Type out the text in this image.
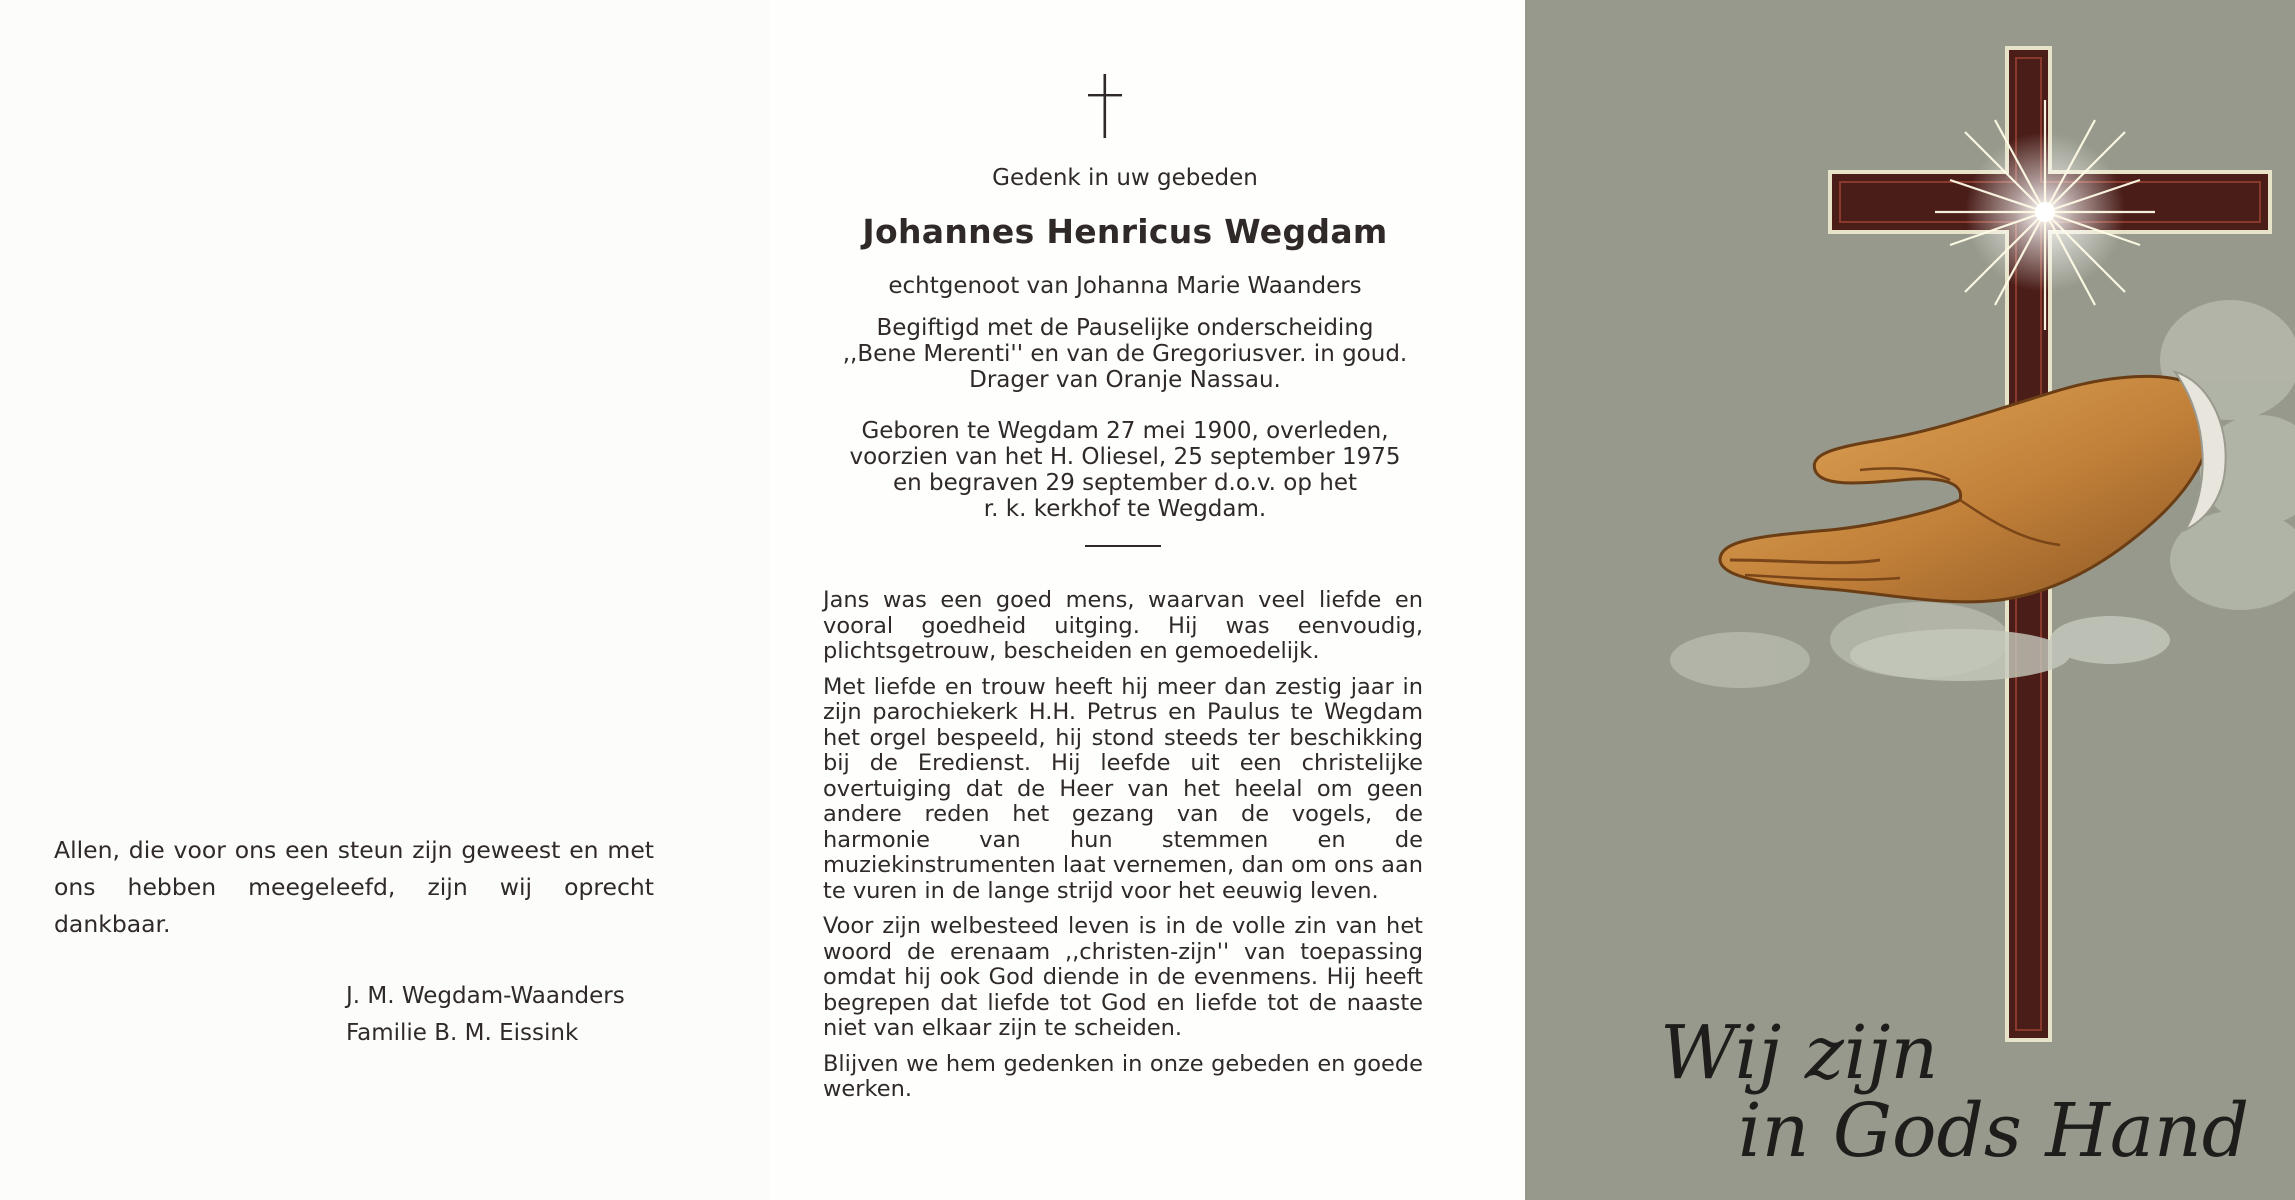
Allen, die voor ons een steun zijn geweest en met ons hebben meegeleefd, zijn wij oprecht dankbaar.
J. M. Wegdam-Waanders
Familie B. M. Eissink
Gedenk in uw gebeden
Johannes Henricus Wegdam
echtgenoot van Johanna Marie Waanders
Begiftigd met de Pauselijke onderscheiding
,,Bene Merenti'' en van de Gregoriusver. in goud.
Drager van Oranje Nassau.
Geboren te Wegdam 27 mei 1900, overleden,
voorzien van het H. Oliesel, 25 september 1975
en begraven 29 september d.o.v. op het
r. k. kerkhof te Wegdam.

Jans was een goed mens, waarvan veel liefde en vooral goedheid uitging. Hij was eenvoudig, plichtsgetrouw, bescheiden en gemoedelijk.

Met liefde en trouw heeft hij meer dan zestig jaar in zijn parochiekerk H.H. Petrus en Paulus te Wegdam het orgel bespeeld, hij stond steeds ter beschikking bij de Eredienst. Hij leefde uit een christelijke overtuiging dat de Heer van het heelal om geen andere reden het gezang van de vogels, de harmonie van hun stemmen en de muziekinstrumenten laat vernemen, dan om ons aan te vuren in de lange strijd voor het eeuwig leven.

Voor zijn welbesteed leven is in de volle zin van het woord de erenaam ,,christen-zijn'' van toepassing omdat hij ook God diende in de evenmens. Hij heeft begrepen dat liefde tot God en liefde tot de naaste niet van elkaar zijn te scheiden.

Blijven we hem gedenken in onze gebeden en goede werken.	Wij zijn
in Gods Hand
